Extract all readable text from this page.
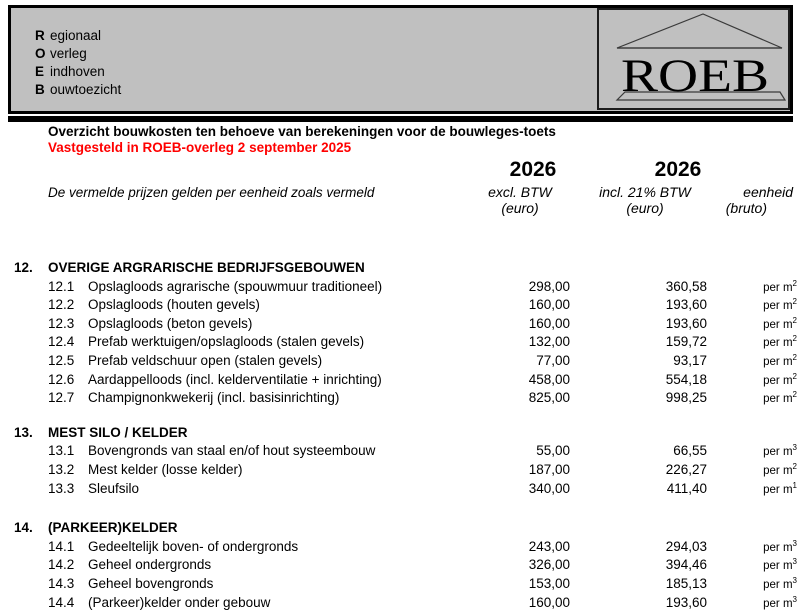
R egionaal
O verleg
E indhoven
B ouwtoezicht	ROEB
Overzicht bouwkosten ten behoeve van berekeningen voor de bouwleges-toets
Vastgesteld in ROEB-overleg 2 september 2025
De vermelde prijzen gelden per eenheid zoals vermeld
2026	2026
excl. BTW	incl. 21% BTW
(euro)	(euro)
eenheid
(bruto)
12.	OVERIGE ARGRARISCHE BEDRIJFSGEBOUWEN
12.1	Opslagloods agrarische (spouwmuur traditioneel)	298,00	360,58	per $m^2$
12.2	Opslagloods (houten gevels)	160,00	193,60	per $m^2$
12.3	Opslagloods (beton gevels)	160,00	193,60	per $m^2$
12.4	Prefab werktuigen/opslagloods (stalen gevels)	132,00	159,72	per $m^2$
12.5	Prefab veldschuur open (stalen gevels)	77,00	93,17	per $m^2$
12.6	Aardappelloods (incl. kelderventilatie + inrichting)	458,00	554,18	per $m^2$
12.7	Champignonkwekerij (incl. basisinrichting)	825,00	998,25	per $m^2$
13.	MEST SILO / KELDER
13.1	Bovengronds van staal en/of hout systeembouw	55,00	66,55	per $m^3$
13.2	Mest kelder (losse kelder)	187,00	226,27	per $m^2$
13.3	Sleufsilo	340,00	411,40	per $m^1$
14.	(PARKEER)KELDER
14.1	Gedeeltelijk boven- of ondergronds	243,00	294,03	per $m^3$
14.2	Geheel ondergronds	326,00	394,46	per $m^3$
14.3	Geheel bovengronds	153,00	185,13	per $m^3$
14.4	(Parkeer)kelder onder gebouw	160,00	193,60	per $m^3$
